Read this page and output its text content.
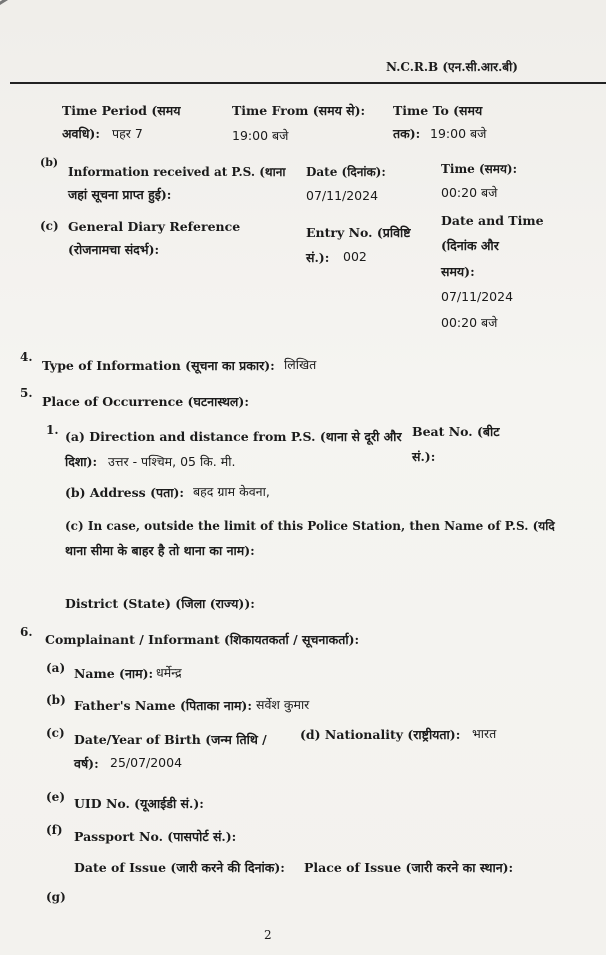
N.C.R.B (एन.सी.आर.बी)
Time Period (समय
अवधि): पहर 7
Time From (समय से):
19:00 बजे
Time To (समय
तक): 19:00 बजे
(b)
Information received at P.S. (थाना
जहां सूचना प्राप्त हुई):
Date (दिनांक):
07/11/2024
Time (समय):
00:20 बजे
(c) General Diary Reference
(रोजनामचा संदर्भ):
Entry No. (प्रविष्टि
सं.): 002
Date and Time
(दिनांक और
समय):
07/11/2024
00:20 बजे
4.
Type of Information (सूचना का प्रकार): लिखित
5.
Place of Occurrence (घटनास्थल):
1. (a) Direction and distance from P.S. (थाना से दूरी और
दिशा): उत्तर - पश्चिम, 05 कि. मी.
Beat No. (बीट
सं.):
(b) Address (पता): बहद ग्राम केवना,
(c) In case, outside the limit of this Police Station, then Name of P.S. (यदि
थाना सीमा के बाहर है तो थाना का नाम):
District (State) (जिला (राज्य)):
6. Complainant / Informant (शिकायतकर्ता / सूचनाकर्ता):
(a) Name (नाम): धर्मेन्द्र
(b) Father's Name (पिताका नाम): सर्वेश कुमार
(c) Date/Year of Birth (जन्म तिथि /
वर्ष): 25/07/2004
(d) Nationality (राष्ट्रीयता): भारत
(e) UID No. (यूआईडी सं.):
(f) Passport No. (पासपोर्ट सं.):
Date of Issue (जारी करने की दिनांक): Place of Issue (जारी करने का स्थान):
(g)
2
